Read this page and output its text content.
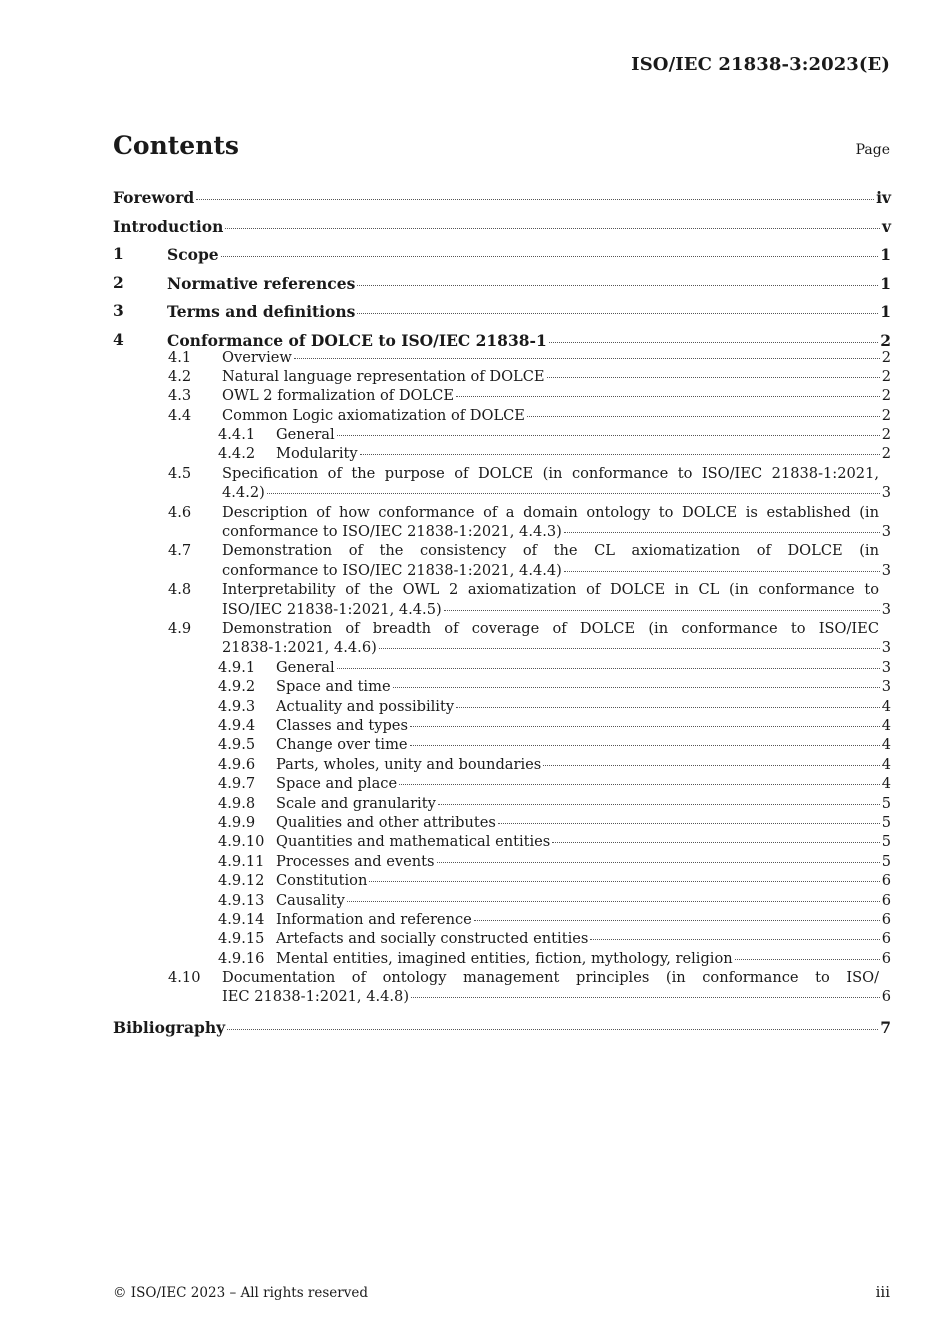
ISO/IEC 21838-3:2023(E)
Contents	Page
Foreword	iv
Introduction	v
1	Scope	1
2	Normative references	1
3	Terms and definitions	1
4	Conformance of DOLCE to ISO/IEC 21838-1	2
4.1 Overview	2
4.2 Natural language representation of DOLCE	2
4.3 OWL 2 formalization of DOLCE	2
4.4 Common Logic axiomatization of DOLCE	2
4.4.1 General	2
4.4.2 Modularity	2
4.5 Specification of the purpose of DOLCE (in conformance to ISO/IEC 21838-1:2021,
4.4.2)	3
4.6 Description of how conformance of a domain ontology to DOLCE is established (in
conformance to ISO/IEC 21838-1:2021, 4.4.3)	3
4.7 Demonstration of the consistency of the CL axiomatization of DOLCE (in
conformance to ISO/IEC 21838-1:2021, 4.4.4)	3
4.8 Interpretability of the OWL 2 axiomatization of DOLCE in CL (in conformance to
ISO/IEC 21838-1:2021, 4.4.5)	3
4.9 Demonstration of breadth of coverage of DOLCE (in conformance to ISO/IEC
21838-1:2021, 4.4.6)	3
4.9.1 General	3
4.9.2 Space and time	3
4.9.3 Actuality and possibility	4
4.9.4 Classes and types	4
4.9.5 Change over time	4
4.9.6 Parts, wholes, unity and boundaries	4
4.9.7 Space and place	4
4.9.8 Scale and granularity	5
4.9.9 Qualities and other attributes	5
4.9.10 Quantities and mathematical entities	5
4.9.11 Processes and events	5
4.9.12 Constitution	6
4.9.13 Causality	6
4.9.14 Information and reference	6
4.9.15 Artefacts and socially constructed entities	6
4.9.16 Mental entities, imagined entities, fiction, mythology, religion	6
4.10 Documentation of ontology management principles (in conformance to ISO/
IEC 21838-1:2021, 4.4.8)	6
Bibliography	7
© ISO/IEC 2023 – All rights reserved	iii
